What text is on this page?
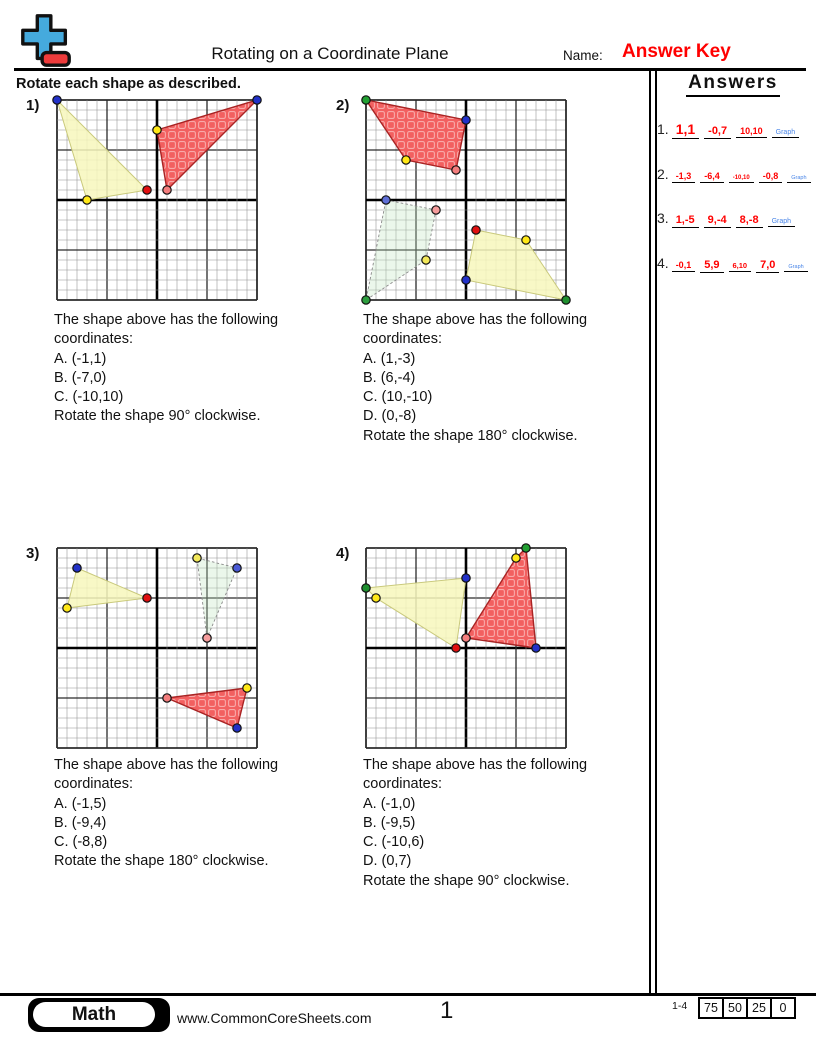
Rotating on a Coordinate Plane	Name: Answer Key
Rotate each shape as described.	Answers
1. 1,1 -0,7 10,10 Graph
2. -1,3 -6,4 -10,10 -0,8 Graph
3. 1,-5 9,-4 8,-8 Graph
4. -0,1 5,9 6,10 7,0 Graph
1)
The shape above has the following
coordinates:
A. (-1,1)
B. (-7,0)
C. (-10,10)
Rotate the shape 90° clockwise.
2)
The shape above has the following
coordinates:
A. (1,-3)
B. (6,-4)
C. (10,-10)
D. (0,-8)
Rotate the shape 180° clockwise.
3)
The shape above has the following
coordinates:
A. (-1,5)
B. (-9,4)
C. (-8,8)
Rotate the shape 180° clockwise.
4)
The shape above has the following
coordinates:
A. (-1,0)
B. (-9,5)
C. (-10,6)
D. (0,7)
Rotate the shape 90° clockwise.
Math	www.CommonCoreSheets.com	1	1-4	75 50 25	0
